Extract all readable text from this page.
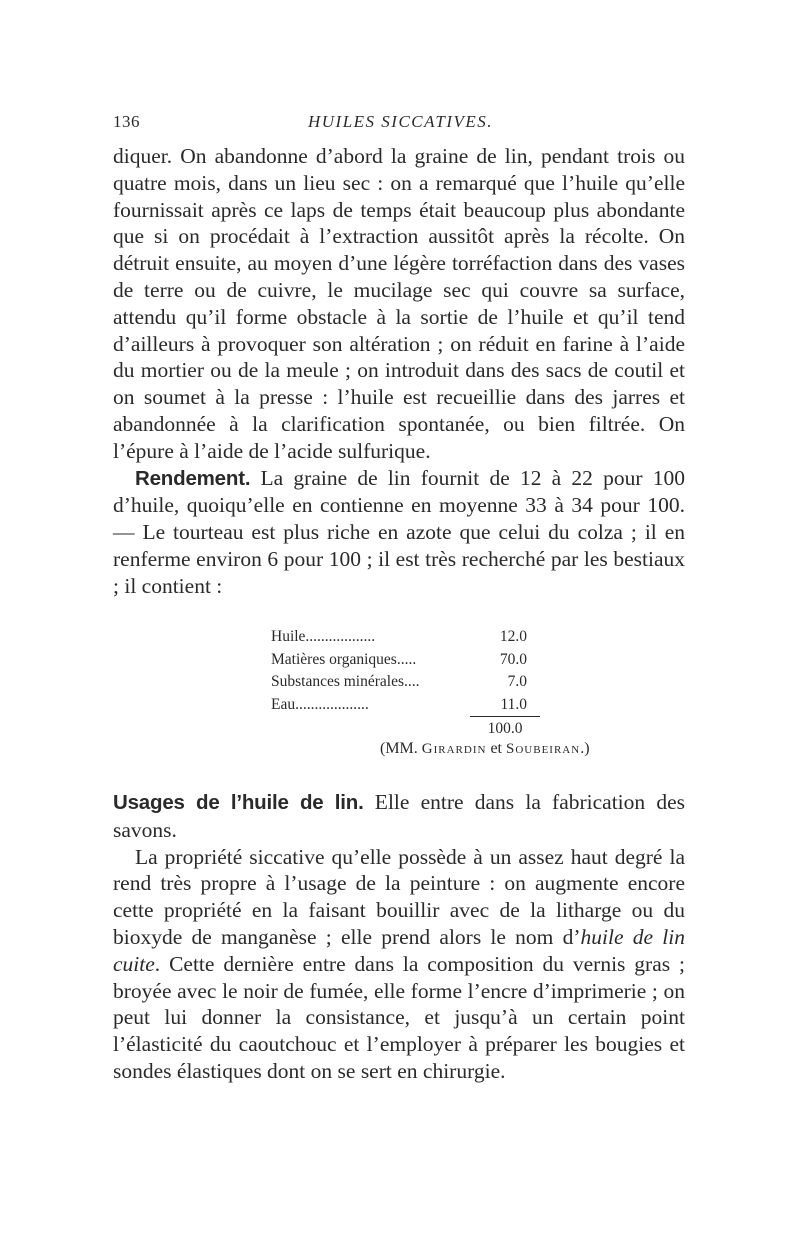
136	HUILES SICCATIVES.

diquer. On abandonne d’abord la graine de lin, pendant trois ou quatre mois, dans un lieu sec : on a remarqué que l’huile qu’elle fournissait après ce laps de temps était beaucoup plus abondante que si on procédait à l’extraction aussitôt après la récolte. On détruit ensuite, au moyen d’une légère torréfaction dans des vases de terre ou de cuivre, le mucilage sec qui couvre sa surface, attendu qu’il forme obstacle à la sortie de l’huile et qu’il tend d’ailleurs à provoquer son altération ; on réduit en farine à l’aide du mortier ou de la meule ; on introduit dans des sacs de coutil et on soumet à la presse : l’huile est recueillie dans des jarres et abandonnée à la clarification spontanée, ou bien filtrée. On l’épure à l’aide de l’acide sulfurique.

Rendement. La graine de lin fournit de 12 à 22 pour 100 d’huile, quoiqu’elle en contienne en moyenne 33 à 34 pour 100. — Le tourteau est plus riche en azote que celui du colza ; il en renferme environ 6 pour 100 ; il est très recherché par les bestiaux ; il contient :

Huile..................	12.0
Matières organiques.....	70.0
Substances minérales....	7.0
Eau...................	11.0
100.0
(MM. Girardin et Soubeiran.)

Usages de l’huile de lin. Elle entre dans la fabrication des savons.

La propriété siccative qu’elle possède à un assez haut degré la rend très propre à l’usage de la peinture : on augmente encore cette propriété en la faisant bouillir avec de la litharge ou du bioxyde de manganèse ; elle prend alors le nom d’huile de lin cuite. Cette dernière entre dans la composition du vernis gras ; broyée avec le noir de fumée, elle forme l’encre d’imprimerie ; on peut lui donner la consistance, et jusqu’à un certain point l’élasticité du caoutchouc et l’employer à préparer les bougies et sondes élastiques dont on se sert en chirurgie.
